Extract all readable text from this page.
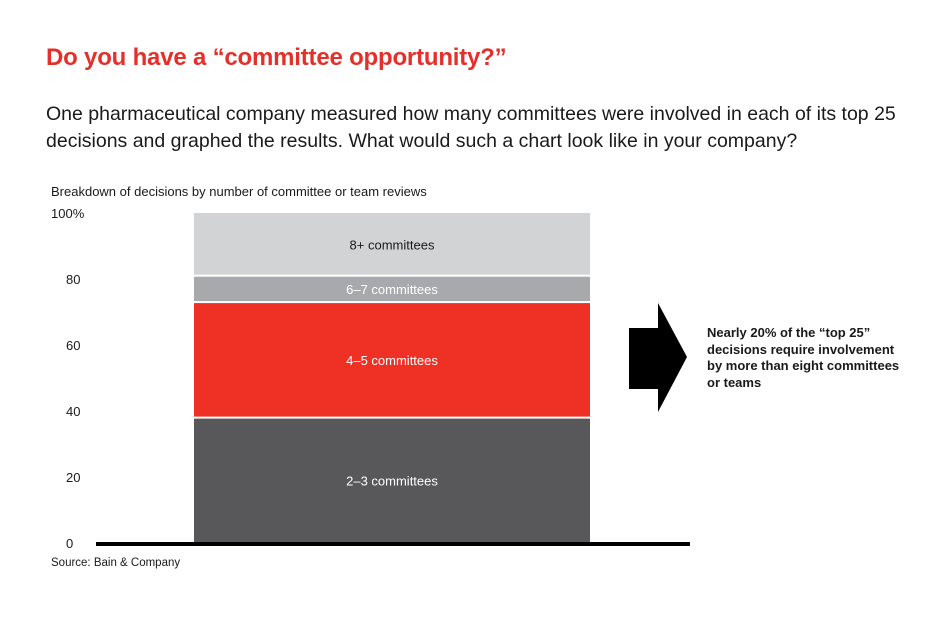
Do you have a “committee opportunity?”
One pharmaceutical company measured how many committees were involved in each of its top 25 decisions and graphed the results. What would such a chart look like in your company?
Breakdown of decisions by number of committee or team reviews
0
20
40
60
80
100%
2–3 committees
4–5 committees
6–7 committees
8+ committees
Nearly 20% of the “top 25” decisions require involvement by more than eight committees or teams
Source: Bain & Company
